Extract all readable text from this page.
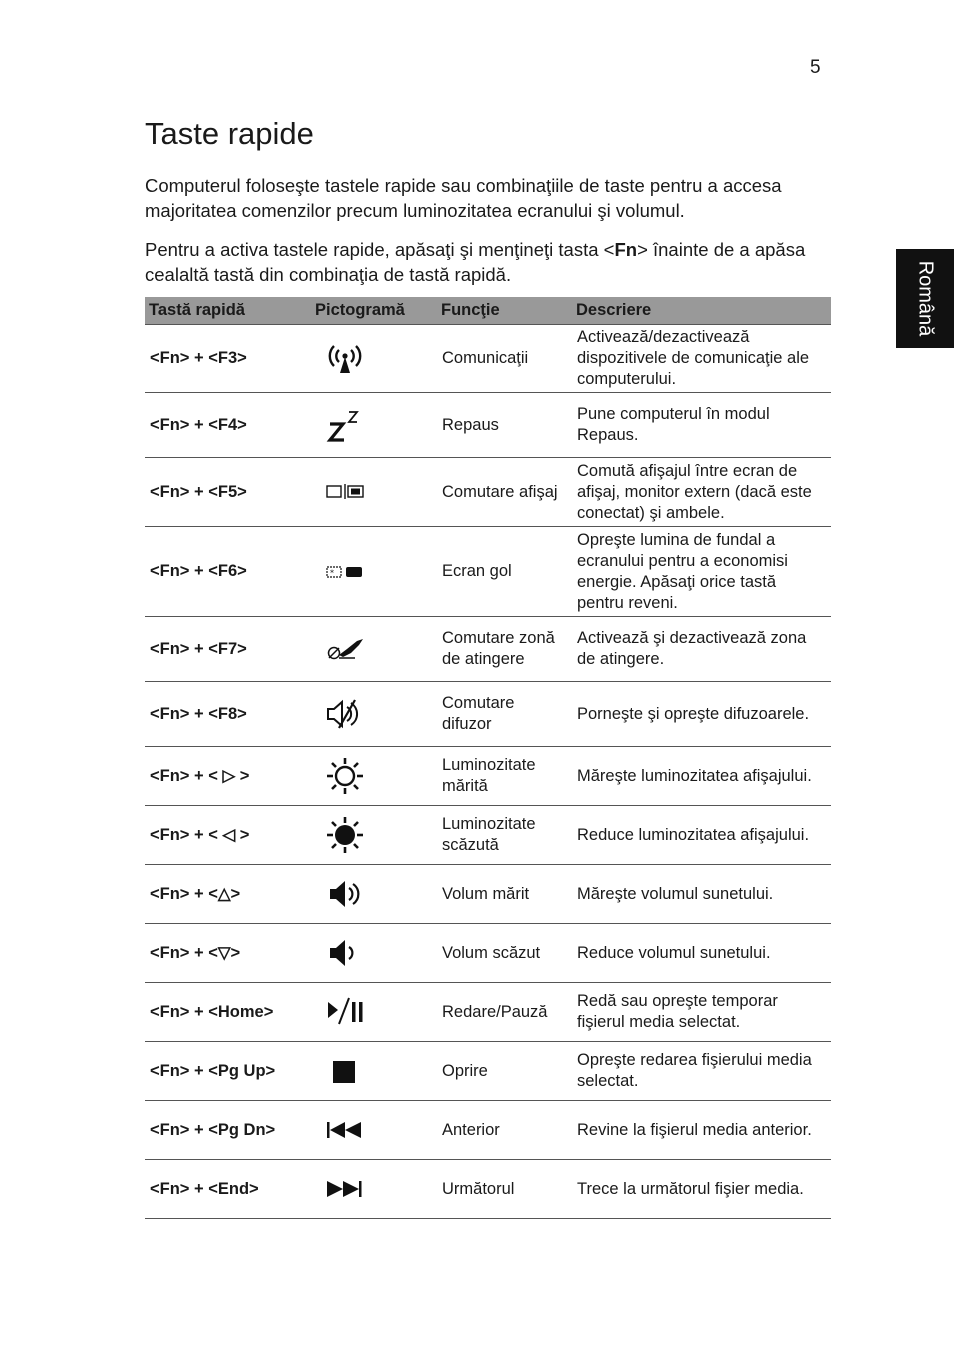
5
Română
Taste rapide

Computerul foloseşte tastele rapide sau combinaţiile de taste pentru a accesa majoritatea comenzilor precum luminozitatea ecranului şi volumul.

Pentru a activa tastele rapide, apăsaţi şi menţineţi tasta <Fn> înainte de a apăsa cealaltă tastă din combinaţia de tastă rapidă.

Tastă rapidă	Pictogramă	Funcţie	Descriere
<Fn> + <F3>		Comunicaţii	Activează/dezactivează dispozitivele de comunicaţie ale computerului.
<Fn> + <F4>		Repaus	Pune computerul în modul Repaus.
<Fn> + <F5>		Comutare afişaj	Comută afişajul între ecran de afişaj, monitor extern (dacă este conectat) şi ambele.
<Fn> + <F6>	*	Ecran gol	Opreşte lumina de fundal a ecranului pentru a economisi energie. Apăsaţi orice tastă pentru reveni.
<Fn> + <F7>		Comutare zonă de atingere	Activează şi dezactivează zona de atingere.
<Fn> + <F8>		Comutare difuzor	Porneşte şi opreşte difuzoarele.
<Fn> + < ▷ >		Luminozitate mărită	Măreşte luminozitatea afişajului.
<Fn> + < ◁ >		Luminozitate scăzută	Reduce luminozitatea afişajului.
<Fn> + <△>		Volum mărit	Măreşte volumul sunetului.
<Fn> + <▽>		Volum scăzut	Reduce volumul sunetului.
<Fn> + <Home>		Redare/Pauză	Redă sau opreşte temporar fişierul media selectat.
<Fn> + <Pg Up>		Oprire	Opreşte redarea fişierului media selectat.
<Fn> + <Pg Dn>		Anterior	Revine la fişierul media anterior.
<Fn> + <End>		Următorul	Trece la următorul fişier media.
